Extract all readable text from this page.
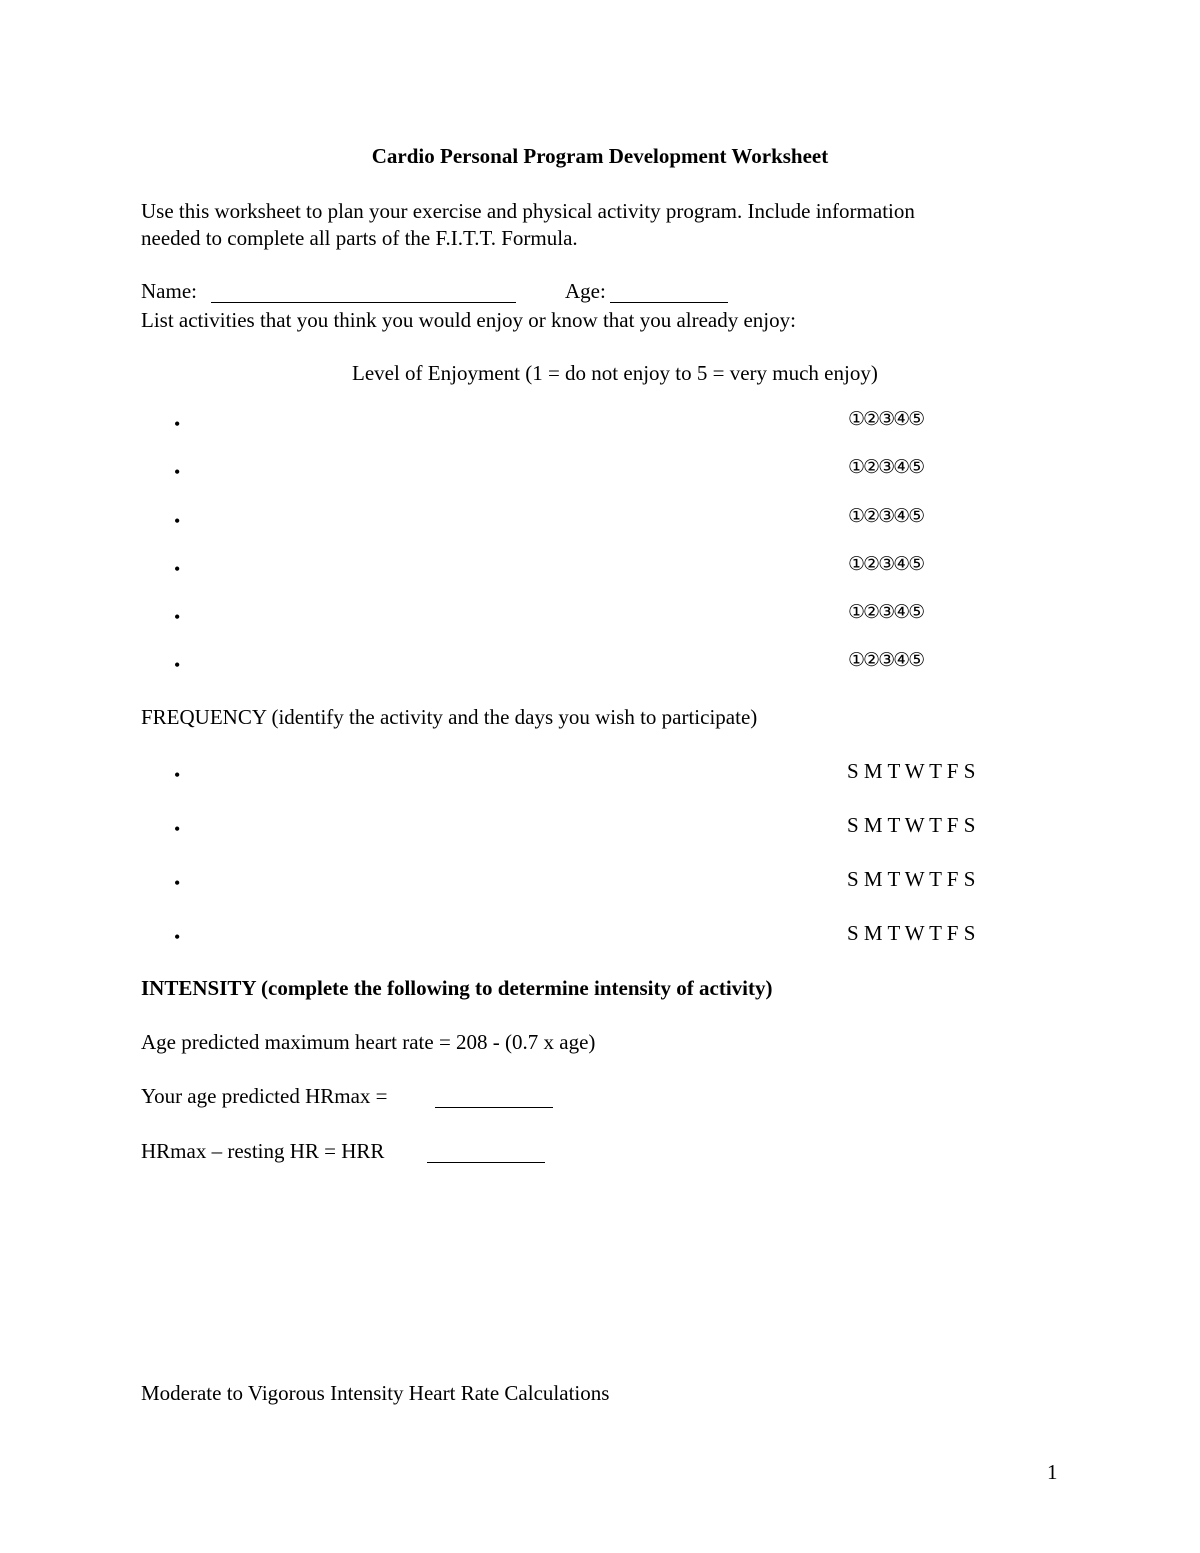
Cardio Personal Program Development Worksheet
Use this worksheet to plan your exercise and physical activity program. Include information
needed to complete all parts of the F.I.T.T. Formula.
Name:	Age:
List activities that you think you would enjoy or know that you already enjoy:
Level of Enjoyment (1 = do not enjoy to 5 = very much enjoy)
•	①②③④⑤
•	①②③④⑤
•	①②③④⑤
•	①②③④⑤
•	①②③④⑤
•	①②③④⑤
FREQUENCY (identify the activity and the days you wish to participate)
•	S M T W T F S
•	S M T W T F S
•	S M T W T F S
•	S M T W T F S
INTENSITY (complete the following to determine intensity of activity)
Age predicted maximum heart rate = 208 - (0.7 x age)
Your age predicted HRmax =
HRmax – resting HR = HRR
Moderate to Vigorous Intensity Heart Rate Calculations
1
